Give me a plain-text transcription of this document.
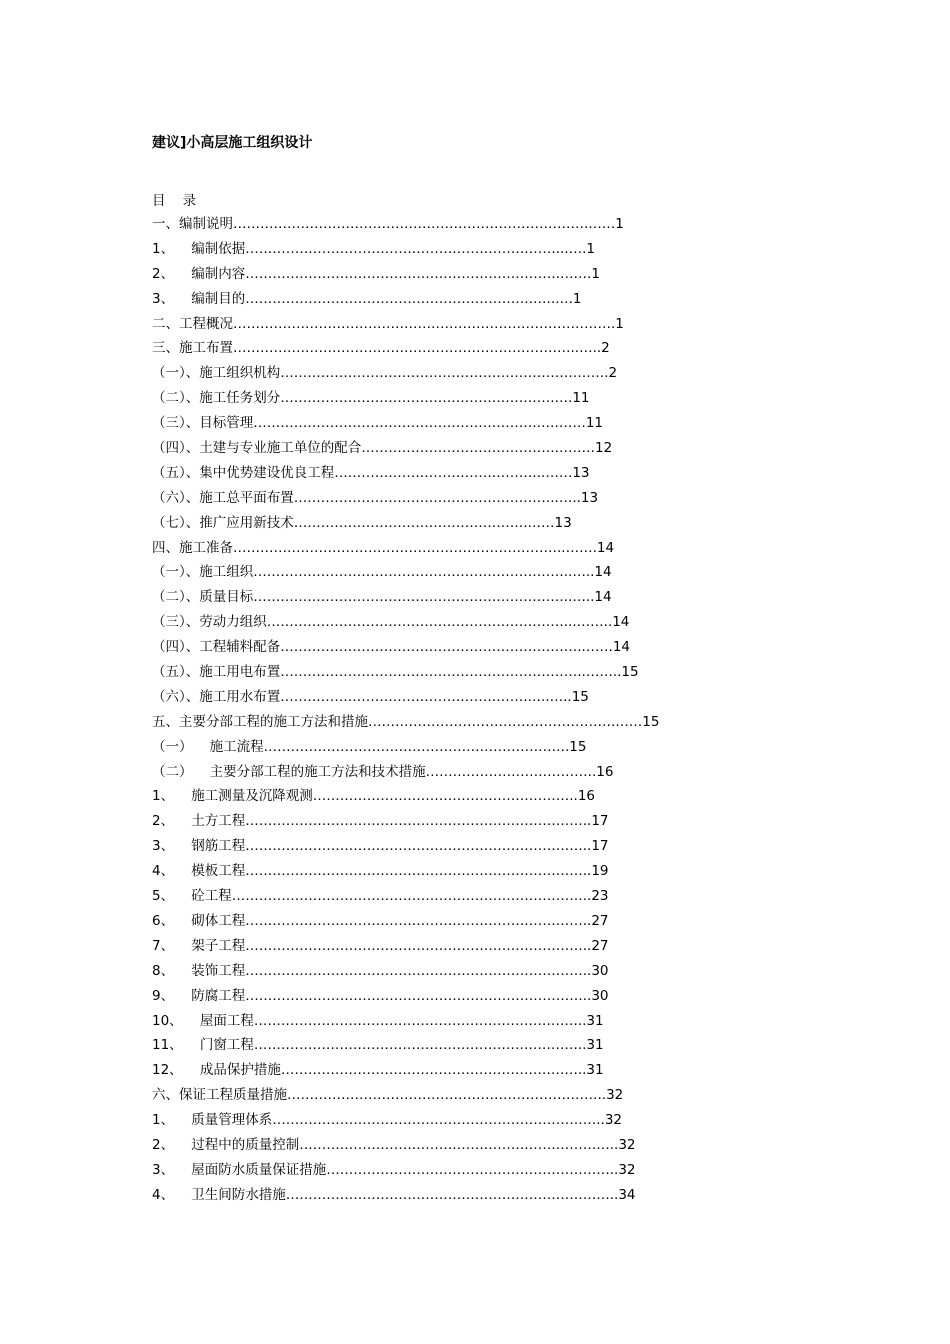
建议]小高层施工组织设计
目    录
一、编制说明…………………………………………………………………….……1
1、    编制依据……………………………………………………………...….1
2、    编制内容…………………………………………………………….…….1
3、    编制目的……………………………………………………….…..….1
二、工程概况………………………………………………………………………….1
三、施工布置…………………………………………………………………..…..2
（一）、施工组织机构……………………………………………………………….2
（二）、施工任务划分…………………………………………………….….11
（三）、目标管理……………………………………………………….….……11
（四）、土建与专业施工单位的配合…………………………………….………12
（五）、集中优势建设优良工程………………………………………..……13
（六）、施工总平面布置…………………………………………………..…..13
（七）、推广应用新技术…………………………………………….……13
四、施工准备………………………………………………………………..…….14
（一）、施工组织……………………………………………………………..…..14
（二）、质量目标……………………………………………………………..…..14
（三）、劳动力组织…………………………………………………………...……..14
（四）、工程辅料配备…………………………………………………………..……14
（五）、施工用电布置…………………………………………………………..……..15
（六）、施工用水布置……………………………………………….…..…..15
五、主要分部工程的施工方法和措施……………………………………………….……15
（一）    施工流程…………………………………………………………..15
（二）    主要分部工程的施工方法和技术措施………………………………..16
1、    施工测量及沉降观测…………………………………………………..16
2、    土方工程…………………………………………………………………..17
3、    钢筋工程…………………………………………………………………..17
4、    模板工程…………………………………………………………………..19
5、    砼工程……………………………………………………………………..23
6、    砌体工程…………………………………………………………………..27
7、    架子工程…………………………………………………………………..27
8、    装饰工程…………………………………………………………………..30
9、    防腐工程…………………………………………………………………..30
10、    屋面工程………………………………………………………………..31
11、    门窗工程………………………………………………………………..31
12、    成品保护措施…………………………………………………………..31
六、保证工程质量措施……………………………………………………………..32
1、    质量管理体系………………………………………………………………..32
2、    过程中的质量控制……………………………………………………………..32
3、    屋面防水质量保证措施………………………………………………………..32
4、    卫生间防水措施………………………………………………………………..34
